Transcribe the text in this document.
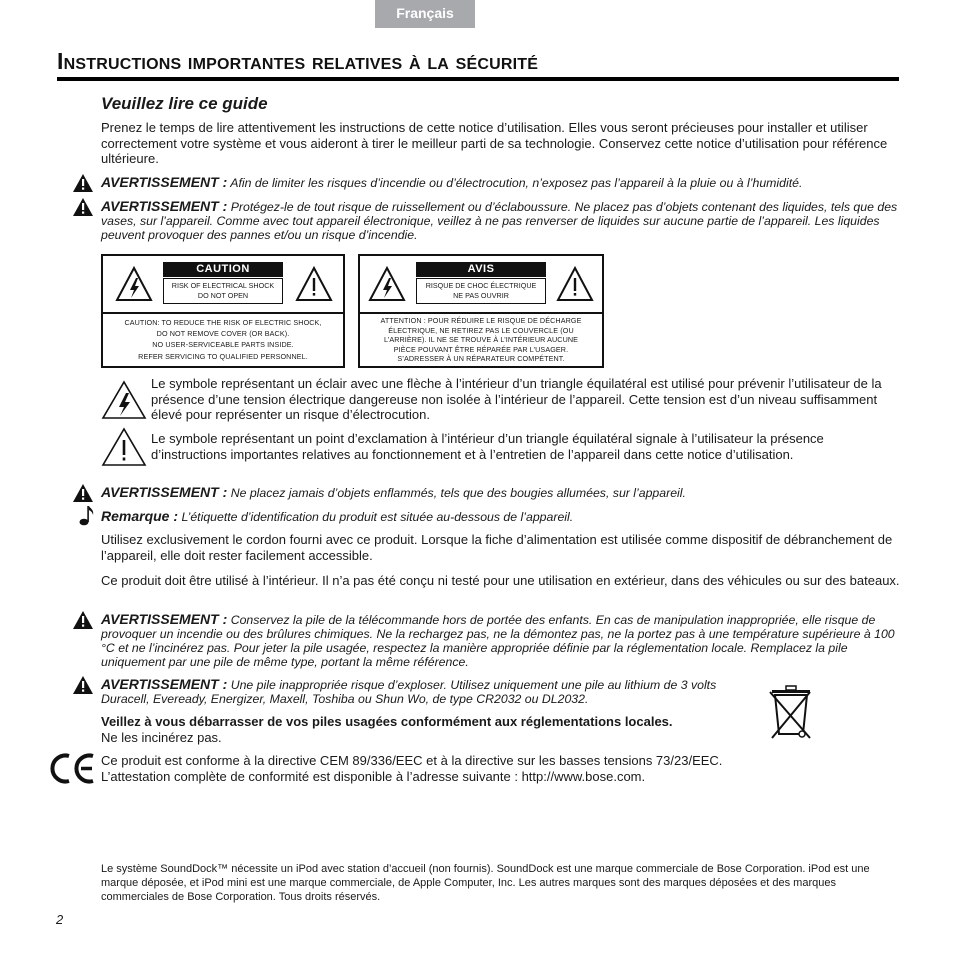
Français
Instructions importantes relatives à la sécurité
Veuillez lire ce guide
Prenez le temps de lire attentivement les instructions de cette notice d’utilisation. Elles vous seront précieuses pour installer et utiliser correctement votre système et vous aideront à tirer le meilleur parti de sa technologie. Conservez cette notice d’utilisation pour référence ultérieure.
AVERTISSEMENT : Afin de limiter les risques d’incendie ou d’électrocution, n’exposez pas l’appareil à la pluie ou à l’humidité.
AVERTISSEMENT : Protégez-le de tout risque de ruissellement ou d’éclaboussure. Ne placez pas d’objets contenant des liquides, tels que des vases, sur l’appareil. Comme avec tout appareil électronique, veillez à ne pas renverser de liquides sur aucune partie de l’appareil. Les liquides peuvent provoquer des pannes et/ou un risque d’incendie.
CAUTION
RISK OF ELECTRICAL SHOCK
DO NOT OPEN
CAUTION: TO REDUCE THE RISK OF ELECTRIC SHOCK,
DO NOT REMOVE COVER (OR BACK).
NO USER-SERVICEABLE PARTS INSIDE.
REFER SERVICING TO QUALIFIED PERSONNEL.
AVIS
RISQUE DE CHOC ÉLECTRIQUE
NE PAS OUVRIR
ATTENTION : POUR RÉDUIRE LE RISQUE DE DÉCHARGE
ÉLECTRIQUE, NE RETIREZ PAS LE COUVERCLE (OU
L’ARRIÈRE). IL NE SE TROUVE À L’INTÉRIEUR AUCUNE
PIÈCE POUVANT ÊTRE RÉPARÉE PAR L’USAGER.
S’ADRESSER À UN RÉPARATEUR COMPÉTENT.
Le symbole représentant un éclair avec une flèche à l’intérieur d’un triangle équilatéral est utilisé pour prévenir l’utilisateur de la présence d’une tension électrique dangereuse non isolée à l’intérieur de l’appareil. Cette tension est d’un niveau suffisamment élevé pour représenter un risque d’électrocution.
Le symbole représentant un point d’exclamation à l’intérieur d’un triangle équilatéral signale à l’utilisateur la présence d’instructions importantes relatives au fonctionnement et à l’entretien de l’appareil dans cette notice d’utilisation.
AVERTISSEMENT : Ne placez jamais d’objets enflammés, tels que des bougies allumées, sur l’appareil.
Remarque : L’étiquette d’identification du produit est située au-dessous de l’appareil.
Utilisez exclusivement le cordon fourni avec ce produit. Lorsque la fiche d’alimentation est utilisée comme dispositif de débranchement de l’appareil, elle doit rester facilement accessible.
Ce produit doit être utilisé à l’intérieur. Il n’a pas été conçu ni testé pour une utilisation en extérieur, dans des véhicules ou sur des bateaux.
AVERTISSEMENT : Conservez la pile de la télécommande hors de portée des enfants. En cas de manipulation inappropriée, elle risque de provoquer un incendie ou des brûlures chimiques. Ne la rechargez pas, ne la démontez pas, ne la portez pas à une température supérieure à 100 °C et ne l’incinérez pas. Pour jeter la pile usagée, respectez la manière appropriée définie par la réglementation locale. Remplacez la pile uniquement par une pile de même type, portant la même référence.
AVERTISSEMENT : Une pile inappropriée risque d’exploser. Utilisez uniquement une pile au lithium de 3 volts Duracell, Eveready, Energizer, Maxell, Toshiba ou Shun Wo, de type CR2032 ou DL2032.
Veillez à vous débarrasser de vos piles usagées conformément aux réglementations locales.
Ne les incinérez pas.
Ce produit est conforme à la directive CEM 89/336/EEC et à la directive sur les basses tensions 73/23/EEC.
L’attestation complète de conformité est disponible à l’adresse suivante : http://www.bose.com.
Le système SoundDock™ nécessite un iPod avec station d’accueil (non fournis). SoundDock est une marque commerciale de Bose Corporation. iPod est une marque déposée, et iPod mini est une marque commerciale, de Apple Computer, Inc. Les autres marques sont des marques déposées et des marques commerciales de Bose Corporation. Tous droits réservés.
2
